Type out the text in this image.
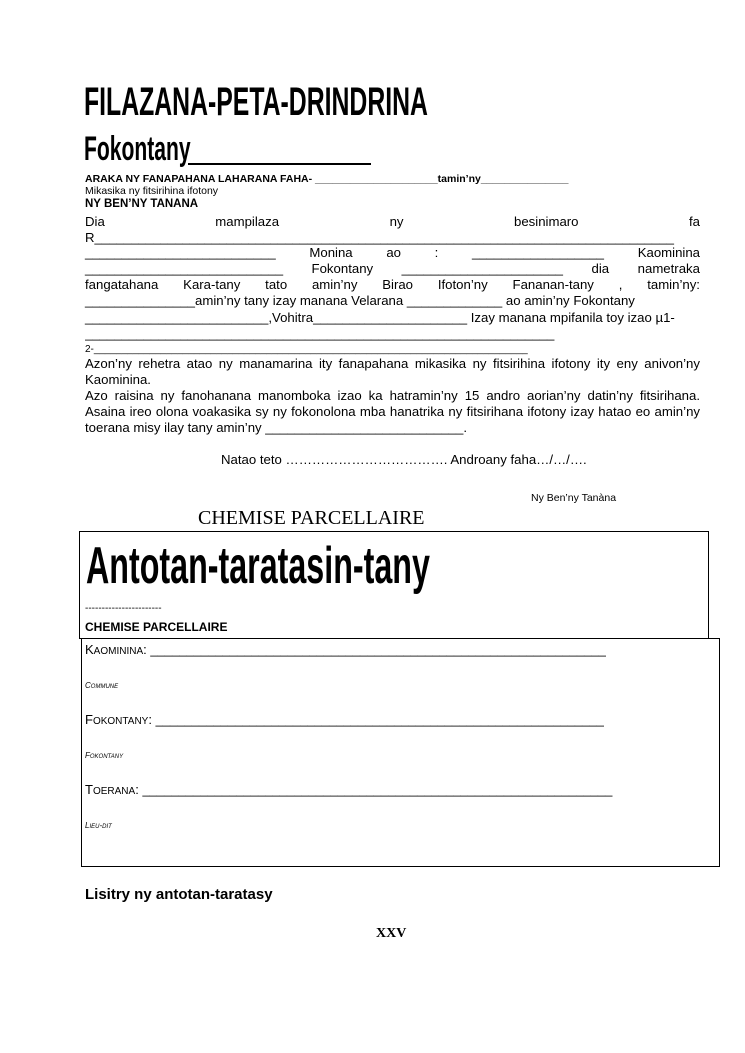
FILAZANA-PETA-DRINDRINA
Fokontany
ARAKA NY FANAPAHANA LAHARANA FAHA- _____________________tamin’ny_______________
Mikasika ny fitsirihina ifotony
NY BEN’NY TANANA
Dia	mampilaza	ny	besinimaro	fa
R_______________________________________________________________________________
__________________________	Monina	ao :	__________________	Kaominina
___________________________ Fokontany ______________________ dia nametraka
fangatahana Kara-tany tato amin’ny Birao Ifoton’ny Fananan-tany , tamin’ny:
_______________amin’ny tany izay manana Velarana _____________ ao amin’ny Fokontany
_________________________,Vohitra_____________________ Izay manana mpifanila toy izao µ1-
________________________________________________________________
2-______________________________________________________________________________
Azon’ny rehetra atao ny manamarina ity fanapahana mikasika ny fitsirihina ifotony ity eny anivon’ny Kaominina.
Azo raisina ny fanohanana manomboka izao ka hatramin’ny 15 andro aorian’ny datin’ny fitsirihana. Asaina ireo olona voakasika sy ny fokonolona mba hanatrika ny fitsirihana ifotony izay hatao eo amin’ny toerana misy ilay tany amin’ny ___________________________.
Natao teto ………………………………. Androany faha…/…/….
Ny Ben’ny Tanàna
CHEMISE PARCELLAIRE
Antotan-taratasin-tany
-----------------------
CHEMISE PARCELLAIRE
KAOMININA: _______________________________________________________________
Commune
FOKONTANY: ______________________________________________________________
Fokontany
TOERANA: _________________________________________________________________
Lieu-dit
Lisitry ny antotan-taratasy
XXV
